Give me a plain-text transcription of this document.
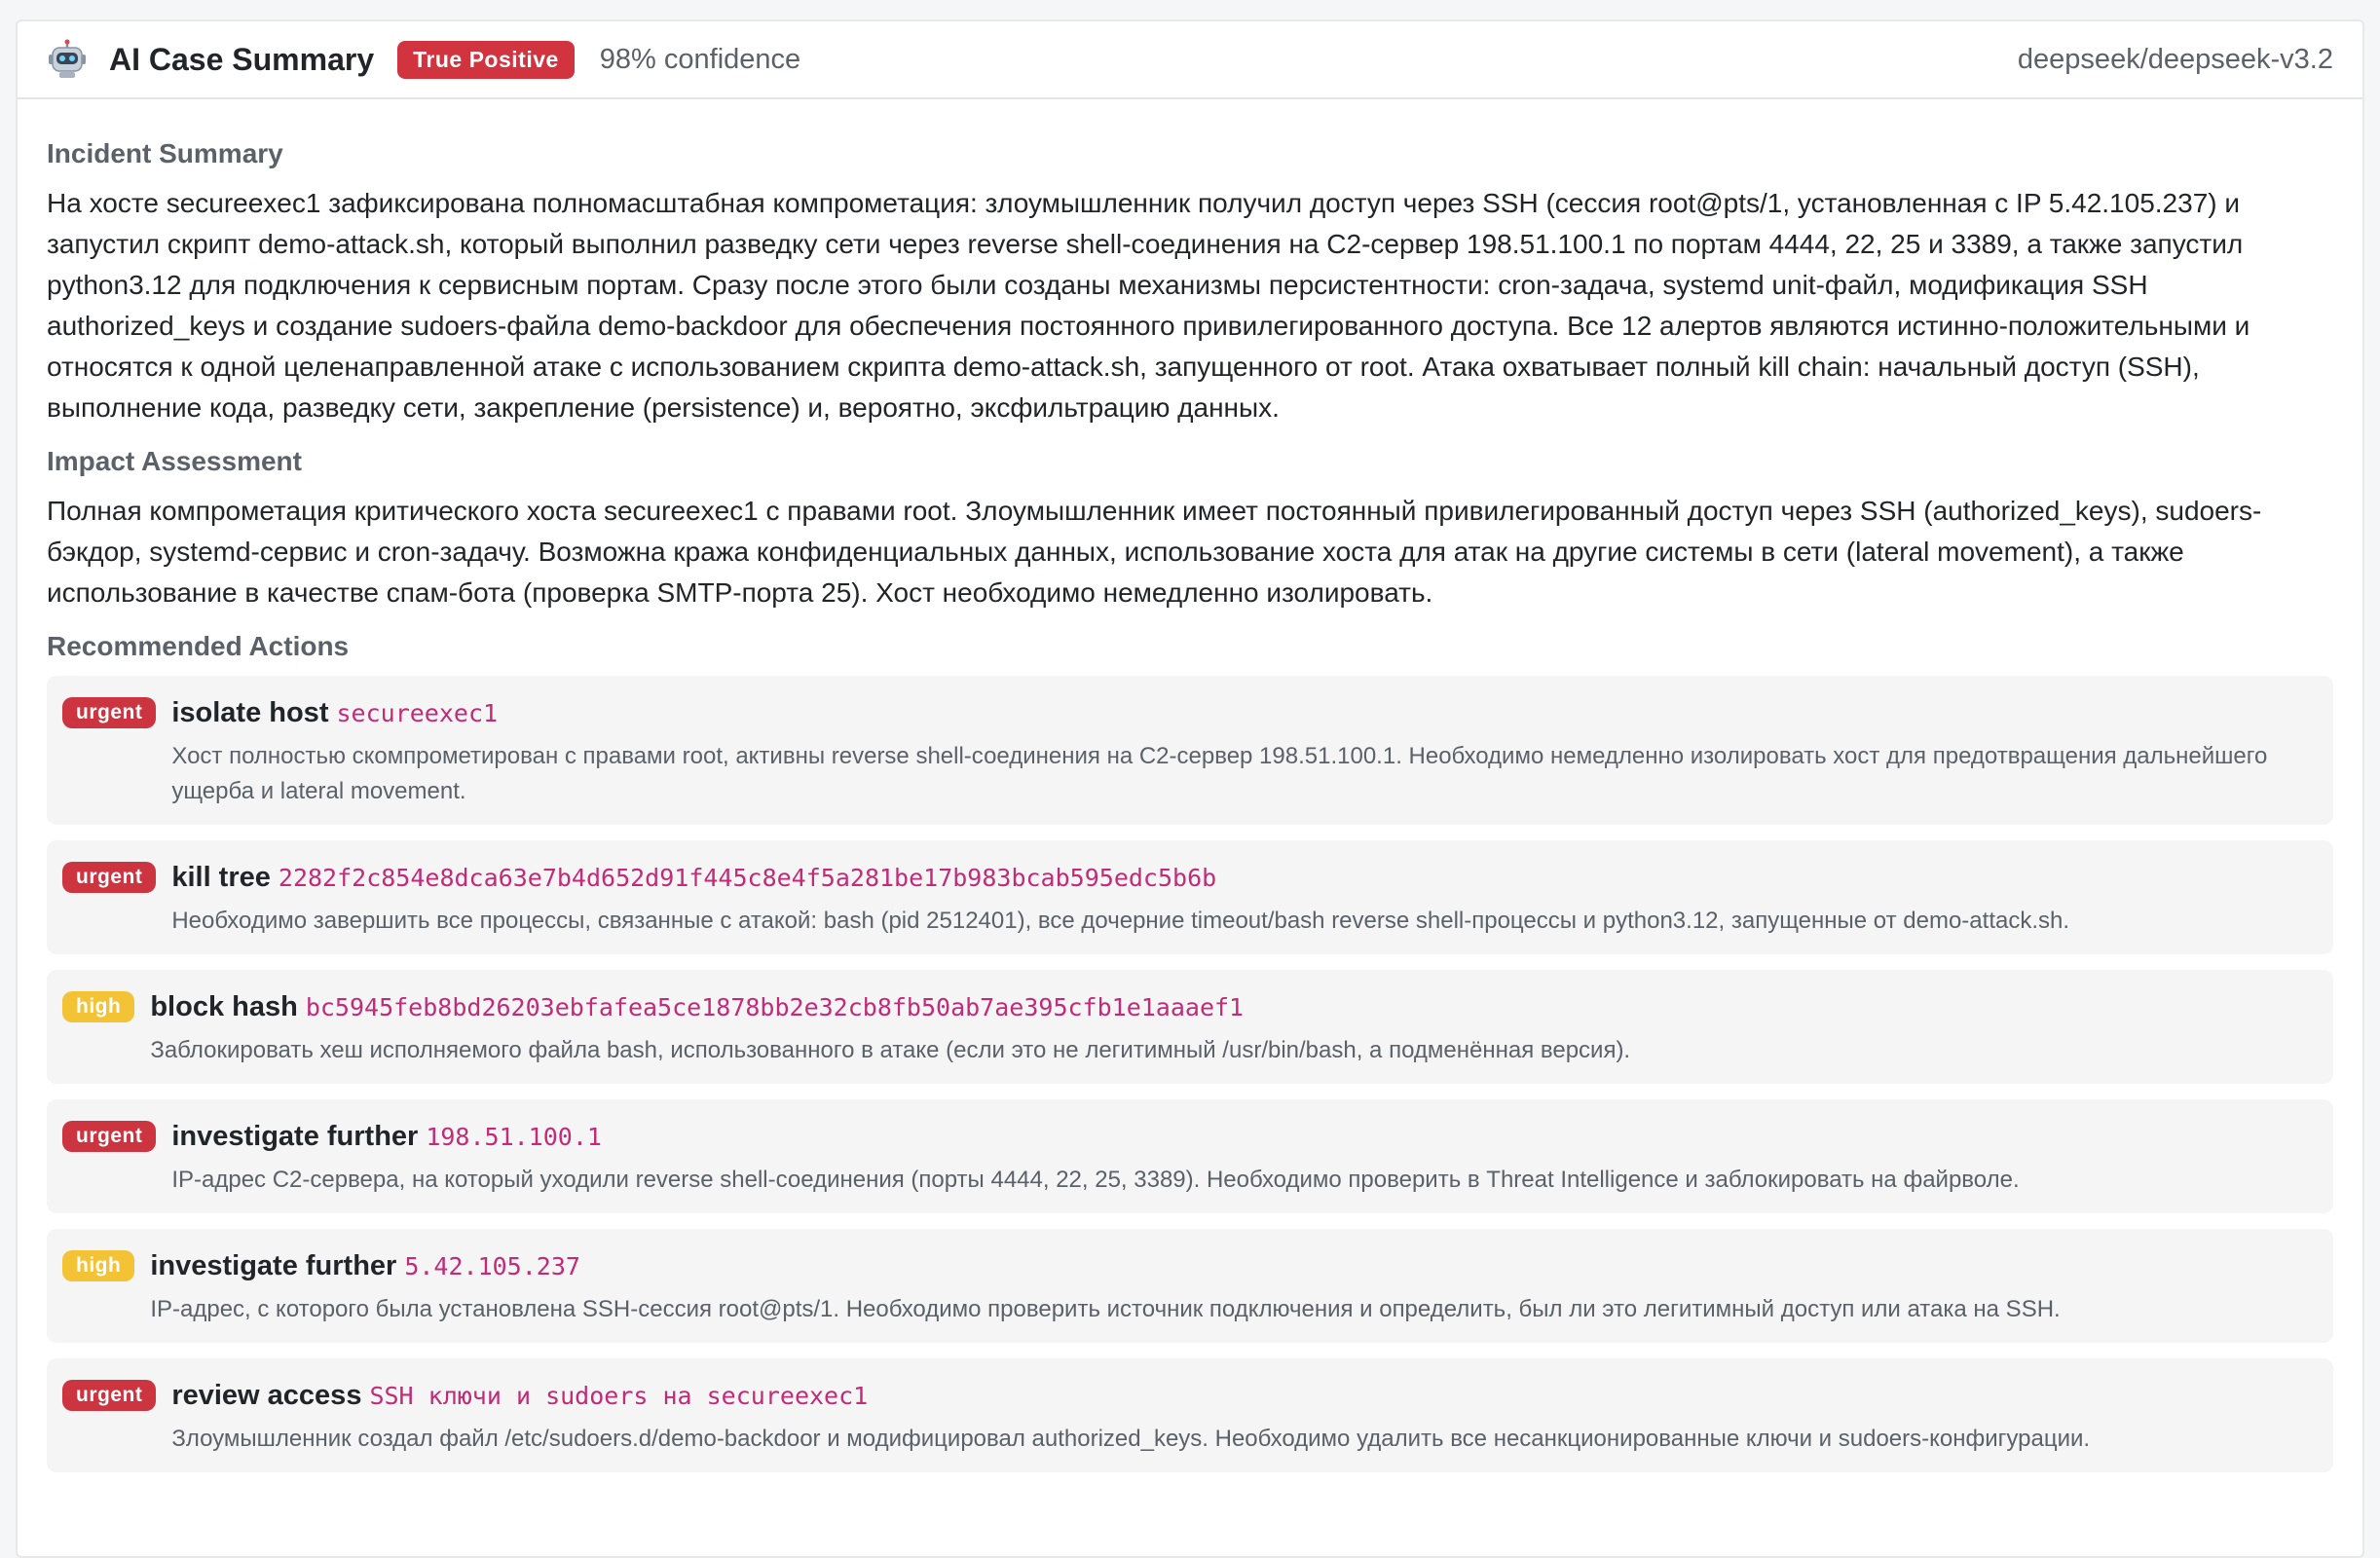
AI Case Summary	True Positive	98% confidence	deepseek/deepseek-v3.2
Incident Summary

На хосте secureexec1 зафиксирована полномасштабная компрометация: злоумышленник получил доступ через SSH (сессия root@pts/1, установленная с IP 5.42.105.237) и запустил скрипт demo-attack.sh, который выполнил разведку сети через reverse shell-соединения на C2-сервер 198.51.100.1 по портам 4444, 22, 25 и 3389, а также запустил python3.12 для подключения к сервисным портам. Сразу после этого были созданы механизмы персистентности: cron-задача, systemd unit-файл, модификация SSH authorized_keys и создание sudoers-файла demo-backdoor для обеспечения постоянного привилегированного доступа. Все 12 алертов являются истинно-положительными и относятся к одной целенаправленной атаке с использованием скрипта demo-attack.sh, запущенного от root. Атака охватывает полный kill chain: начальный доступ (SSH), выполнение кода, разведку сети, закрепление (persistence) и, вероятно, эксфильтрацию данных.

Impact Assessment

Полная компрометация критического хоста secureexec1 с правами root. Злоумышленник имеет постоянный привилегированный доступ через SSH (authorized_keys), sudoers-бэкдор, systemd-сервис и cron-задачу. Возможна кража конфиденциальных данных, использование хоста для атак на другие системы в сети (lateral movement), а также использование в качестве спам-бота (проверка SMTP-порта 25). Хост необходимо немедленно изолировать.

Recommended Actions
urgent	isolate host secureexec1
Хост полностью скомпрометирован с правами root, активны reverse shell-соединения на C2-сервер 198.51.100.1. Необходимо немедленно изолировать хост для предотвращения дальнейшего ущерба и lateral movement.
urgent	kill tree 2282f2c854e8dca63e7b4d652d91f445c8e4f5a281be17b983bcab595edc5b6b
Необходимо завершить все процессы, связанные с атакой: bash (pid 2512401), все дочерние timeout/bash reverse shell-процессы и python3.12, запущенные от demo-attack.sh.
high	block hash bc5945feb8bd26203ebfafea5ce1878bb2e32cb8fb50ab7ae395cfb1e1aaaef1
Заблокировать хеш исполняемого файла bash, использованного в атаке (если это не легитимный /usr/bin/bash, а подменённая версия).
urgent	investigate further 198.51.100.1
IP-адрес C2-сервера, на который уходили reverse shell-соединения (порты 4444, 22, 25, 3389). Необходимо проверить в Threat Intelligence и заблокировать на файрволе.
high	investigate further 5.42.105.237
IP-адрес, с которого была установлена SSH-сессия root@pts/1. Необходимо проверить источник подключения и определить, был ли это легитимный доступ или атака на SSH.
urgent	review access SSH ключи и sudoers на secureexec1
Злоумышленник создал файл /etc/sudoers.d/demo-backdoor и модифицировал authorized_keys. Необходимо удалить все несанкционированные ключи и sudoers-конфигурации.
